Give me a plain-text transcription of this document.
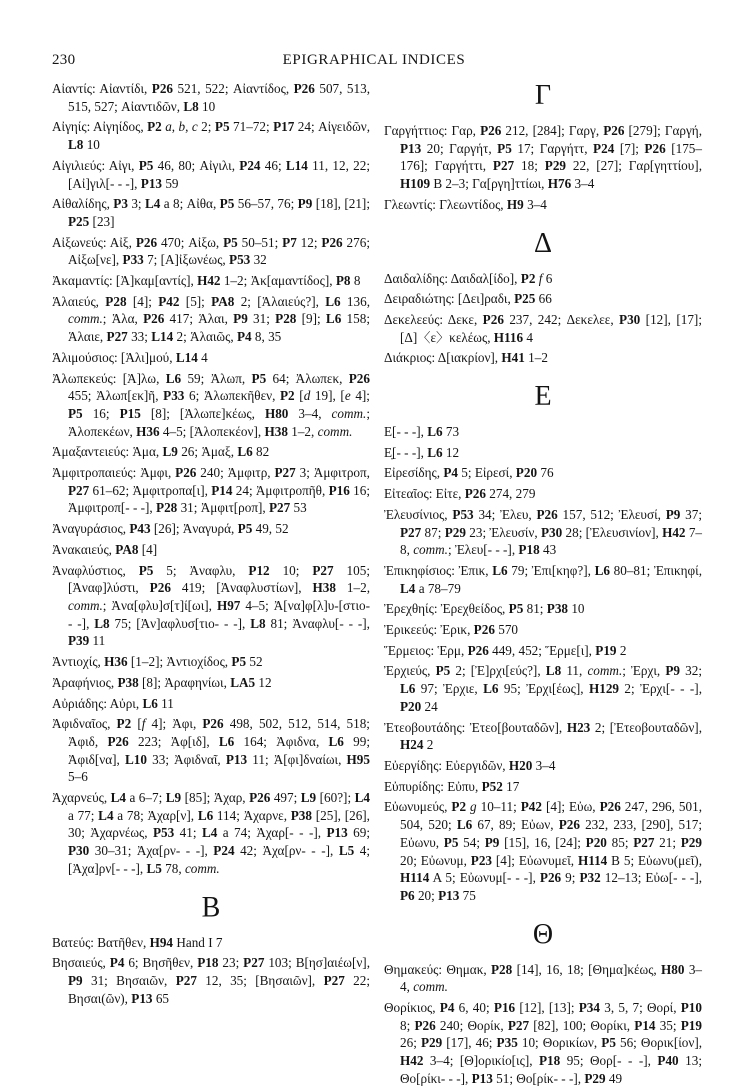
230	EPIGRAPHICAL INDICES
Αἰαντίς: Αἰαντίδι, P26 521, 522; Αἰαντίδος, P26 507, 513, 515, 527; Αἰαντιδῶν, L8 10
Αἰγηίς: Αἰγηίδος, P2 a, b, c 2; P5 71–72; P17 24; Αἰγειδῶν, L8 10
Αἰγιλιεύς: Αἰγι, P5 46, 80; Αἰγιλι, P24 46; L14 11, 12, 22; [Αἰ]γιλ[- - -], P13 59
Αἰθαλίδης, P3 3; L4 a 8; Αἰθα, P5 56–57, 76; P9 [18], [21]; P25 [23]
Αἰξωνεύς: Αἰξ, P26 470; Αἰξω, P5 50–51; P7 12; P26 276; Αἰξω[νε], P33 7; [Α]ἰξωνέως, P53 32
Ἀκαμαντίς: [Ἀ]καμ[αντίς], H42 1–2; Ἀκ[αμαντίδος], P8 8
Ἁλαιεύς, P28 [4]; P42 [5]; PA8 2; [Ἁλαιεύς?], L6 136, comm.; Ἁλα, P26 417; Ἁλαι, P9 31; P28 [9]; L6 158; Ἁλαιε, P27 33; L14 2; Ἁλαιῶς, P4 8, 35
Ἁλιμούσιος: [Ἁλι]μού, L14 4
Ἀλωπεκεύς: [Ἀ]λω, L6 59; Ἀλωπ, P5 64; Ἀλωπεκ, P26 455; Ἀλωπ[εκ]ῆ, P33 6; Ἀλωπεκῆθεν, P2 [d 19], [e 4]; P5 16; P15 [8]; [Ἀλωπε]κέως, H80 3–4, comm.; Ἀλοπεκέων, H36 4–5; [Ἀλοπεκέον], H38 1–2, comm.
Ἁμαξαντειεύς: Ἁμα, L9 26; Ἁμαξ, L6 82
Ἀμφιτροπαιεύς: Ἀμφι, P26 240; Ἀμφιτρ, P27 3; Ἀμφιτροπ, P27 61–62; Ἀμφιτροπα[ι], P14 24; Ἀμφιτροπῆθ, P16 16; Ἀμφιτροπ[- - -], P28 31; Ἀμφιτ[ροπ], P27 53
Ἀναγυράσιος, P43 [26]; Ἀναγυρά, P5 49, 52
Ἀνακαιεύς, PA8 [4]
Ἀναφλύστιος, P5 5; Ἀναφλυ, P12 10; P27 105; [Ἀναφ]λύστι, P26 419; [Ἀναφλυστίων], H38 1–2, comm.; Ἀνα[φλυ]σ[τ]ί[ωι], H97 4–5; Ἀ[να]φ[λ]υ-[στιο- - -], L8 75; [Ἀν]αφλυσ[τιο- - -], L8 81; Ἀναφλυ[- - -], P39 11
Ἀντιοχίς, H36 [1–2]; Ἀντιοχίδος, P5 52
Ἀραφήνιος, P38 [8]; Ἀραφηνίωι, LA5 12
Αὐριάδης: Αὐρι, L6 11
Ἀφιδναῖος, P2 [f 4]; Ἀφι, P26 498, 502, 512, 514, 518; Ἀφιδ, P26 223; Ἀφ[ιδ], L6 164; Ἀφιδνα, L6 99; Ἀφιδ[να], L10 33; Ἀφιδναῖ, P13 11; Ἀ[φι]δναίωι, H95 5–6
Ἀχαρνεύς, L4 a 6–7; L9 [85]; Ἀχαρ, P26 497; L9 [60?]; L4 a 77; L4 a 78; Ἀχαρ[ν], L6 114; Ἀχαρνε, P38 [25], [26], 30; Ἀχαρνέως, P53 41; L4 a 74; Ἀχαρ[- - -], P13 69; P30 30–31; Ἀχα[ρν- - -], P24 42; Ἀχα[ρν- - -], L5 4; [Ἀχα]ρν[- - -], L5 78, comm.
Β
Βατεύς: Βατῆθεν, H94 Hand I 7
Βησαιεύς, P4 6; Βησῆθεν, P18 23; P27 103; Β[ησ]αιέω[ν], P9 31; Βησαιῶν, P27 12, 35; [Βησαιῶν], P27 22; Βησαι(ῶν), P13 65
Γ
Γαργήττιος: Γαρ, P26 212, [284]; Γαργ, P26 [279]; Γαργή, P13 20; Γαργήτ, P5 17; Γαργήττ, P24 [7]; P26 [175–176]; Γαργήττι, P27 18; P29 22, [27]; Γαρ[γηττίου], H109 B 2–3; Γα[ργη]ττίωι, H76 3–4
Γλεωντίς: Γλεωντίδος, H9 3–4
Δ
Δαιδαλίδης: Δαιδαλ[ίδο], P2 f 6
Δειραδιώτης: [Δει]ραδι, P25 66
Δεκελεεύς: Δεκε, P26 237, 242; Δεκελεε, P30 [12], [17]; [Δ]〈ε〉κελέως, H116 4
Διάκριος: Δ[ιακρίον], H41 1–2
Ε
Ε[- - -], L6 73
Ε̣[- - -], L6 12
Εἰρεσίδης, P4 5; Εἰρεσί, P20 76
Εἰτεαῖος: Εἰτε, P26 274, 279
Ἐλευσίνιος, P53 34; Ἐλευ, P26 157, 512; Ἐλευσί, P9 37; P27 87; P29 23; Ἐλευσίν, P30 28; [Ἐλευσινίον], H42 7–8, comm.; Ἐλευ[- - -], P18 43
Ἐπικηφίσιος: Ἐπικ, L6 79; Ἐπι[κηφ?], L6 80–81; Ἐπικηφί, L4 a 78–79
Ἐρεχθηίς: Ἐρεχθείδος, P5 81; P38 10
Ἐρικεεύς: Ἐρικ, P26 570
Ἕρμειος: Ἑρμ, P26 449, 452; Ἕρμε[ι], P19 2
Ἐρχιεύς, P5 2; [Ἐ]ρχι[εύς?], L8 11, comm.; Ἐρχι, P9 32; L6 97; Ἐρχιε, L6 95; Ἐρχι[έως], H129 2; Ἐρχι[- - -], P20 24
Ἐτεοβουτάδης: Ἐτεο[βουταδῶν], H23 2; [Ἐτεοβουταδῶν], H24 2
Εὐεργίδης: Εὐεργιδῶν, H20 3–4
Εὐπυρίδης: Εὐπυ, P52 17
Εὐωνυμεύς, P2 g 10–11; P42 [4]; Εὐω, P26 247, 296, 501, 504, 520; L6 67, 89; Εὐων, P26 232, 233, [290], 517; Εὐωνυ, P5 54; P9 [15], 16, [24]; P20 85; P27 21; P29 20; Εὐωνυμ, P23 [4]; Εὐωνυμεῖ, H114 B 5; Εὐωνυ(μεῖ), H114 A 5; Εὐωνυμ[- - -], P26 9; P32 12–13; Εὐω[- - -], P6 20; P13 75
Θ
Θημακεύς: Θημακ, P28 [14], 16, 18; [Θημα]κέως, H80 3–4, comm.
Θορίκιος, P4 6, 40; P16 [12], [13]; P34 3, 5, 7; Θορί, P10 8; P26 240; Θορίκ, P27 [82], 100; Θορίκι, P14 35; P19 26; P29 [17], 46; P35 10; Θορικίων, P5 56; Θορικ[ίον], H42 3–4; [Θ]ορικίο[ις], P18 95; Θορ[- - -], P40 13; Θο[ρίκι- - -], P13 51; Θο[ρίκ- - -], P29 49
